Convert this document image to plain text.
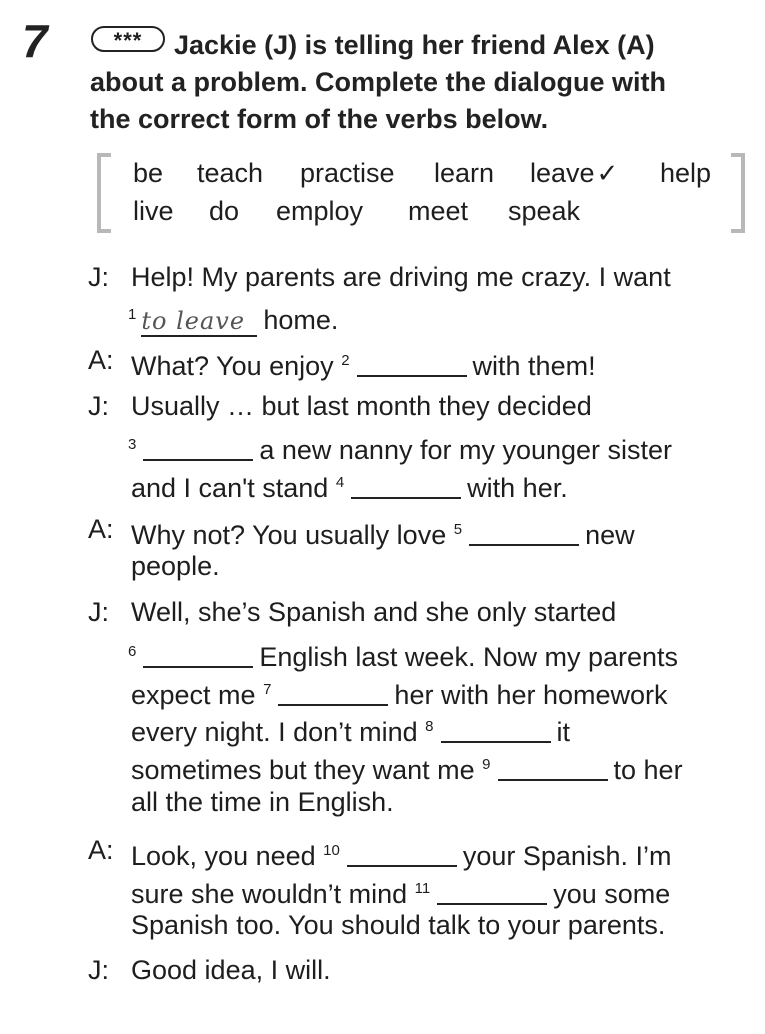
7	Jackie (J) is telling her friend Alex (A)
about a problem. Complete the dialogue with
the correct form of the verbs below.
***
be teach practise learn leave✓ help
live do employ meet speak
J: Help! My parents are driving me crazy. I want
$^1$ to leave home.
A: What? You enjoy $^2$	with them!
J: Usually … but last month they decided
$^3$	a new nanny for my younger sister
and I can't stand $^4$	with her.
A: Why not? You usually love $^5$	new
people.
J: Well, she’s Spanish and she only started
$^6$	English last week. Now my parents
expect me $^7$	her with her homework
every night. I don’t mind $^8$	it
sometimes but they want me $^9$	to her
all the time in English.
A: Look, you need $^{10}$	your Spanish. I’m
sure she wouldn’t mind $^{11}$	you some
Spanish too. You should talk to your parents.
J: Good idea, I will.
